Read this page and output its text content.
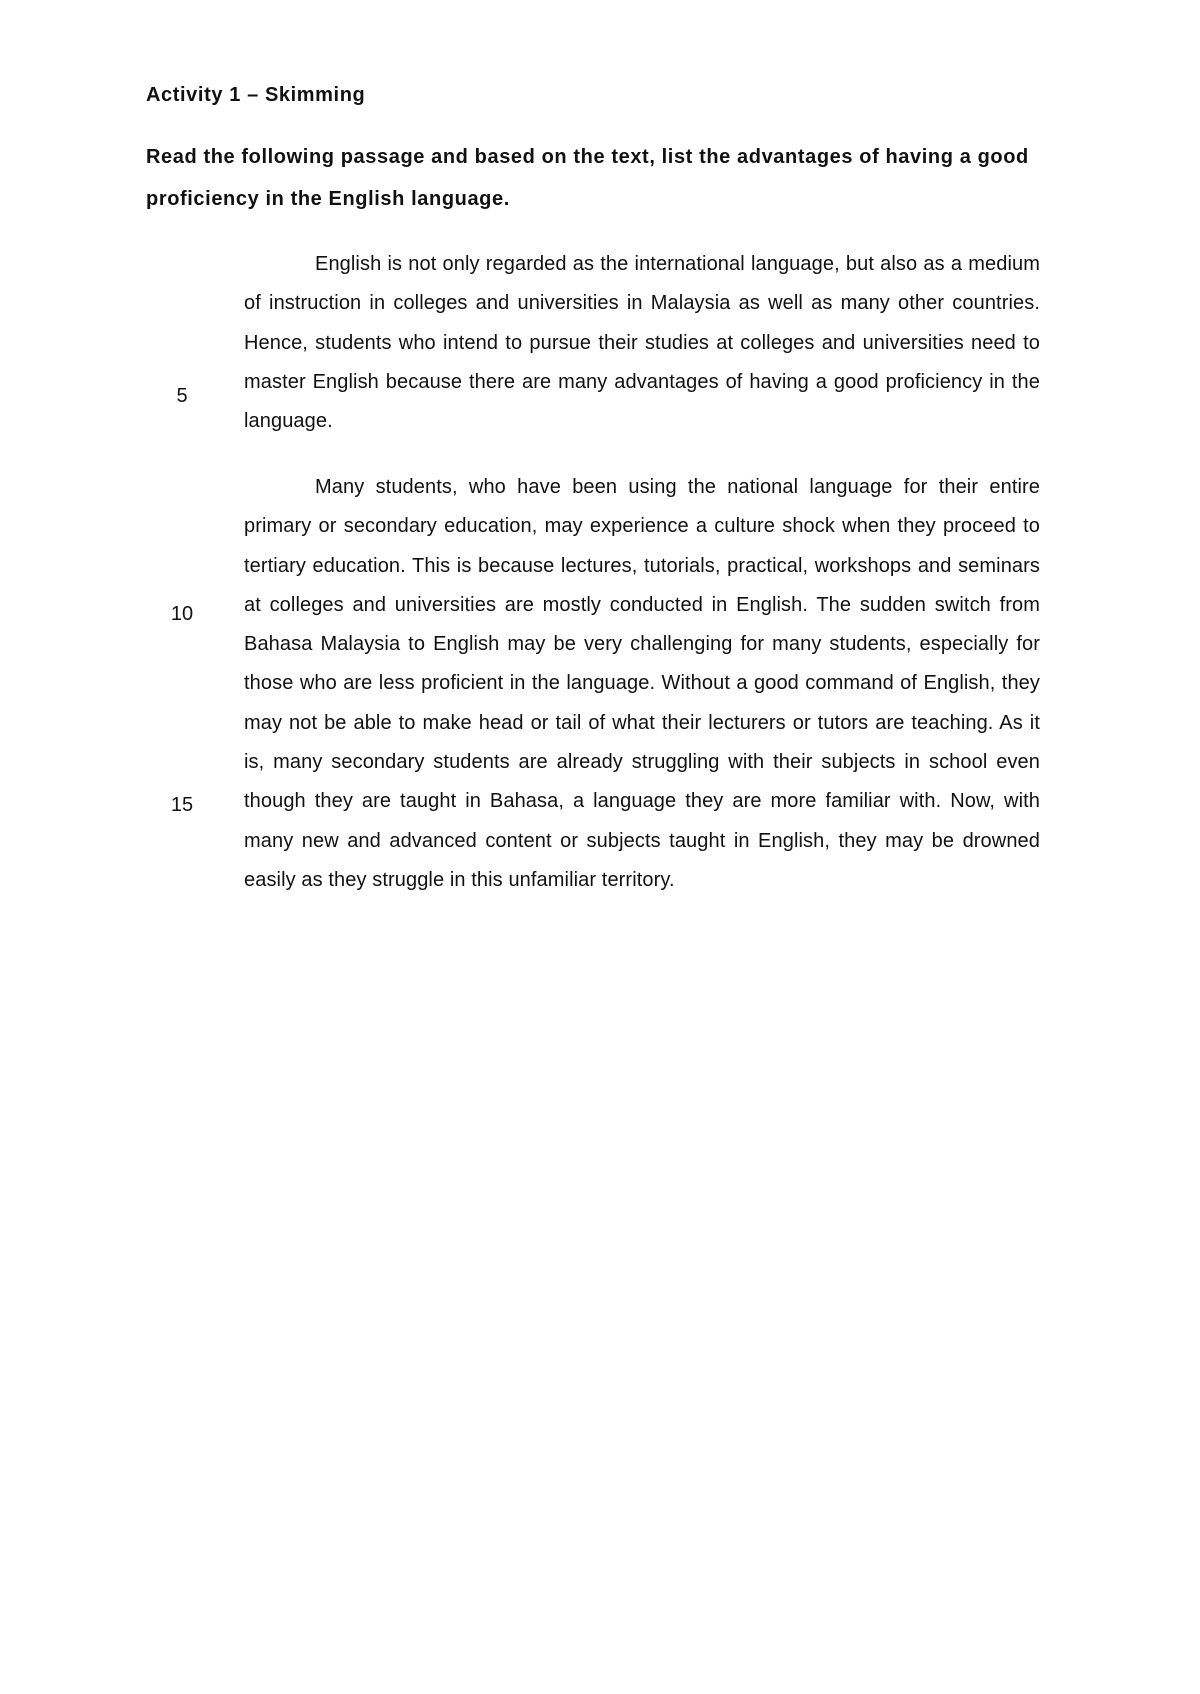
Activity 1 – Skimming

Read the following passage and based on the text, list the advantages of having a good proficiency in the English language.

English is not only regarded as the international language, but also as a medium of instruction in colleges and universities in Malaysia as well as many other countries. Hence, students who intend to pursue their studies at colleges and universities need to master English because there are many advantages of having a good proficiency in the language.

Many students, who have been using the national language for their entire primary or secondary education, may experience a culture shock when they proceed to tertiary education. This is because lectures, tutorials, practical, workshops and seminars at colleges and universities are mostly conducted in English. The sudden switch from Bahasa Malaysia to English may be very challenging for many students, especially for those who are less proficient in the language. Without a good command of English, they may not be able to make head or tail of what their lecturers or tutors are teaching. As it is, many secondary students are already struggling with their subjects in school even though they are taught in Bahasa, a language they are more familiar with. Now, with many new and advanced content or subjects taught in English, they may be drowned easily as they struggle in this unfamiliar territory.

5

10

15
